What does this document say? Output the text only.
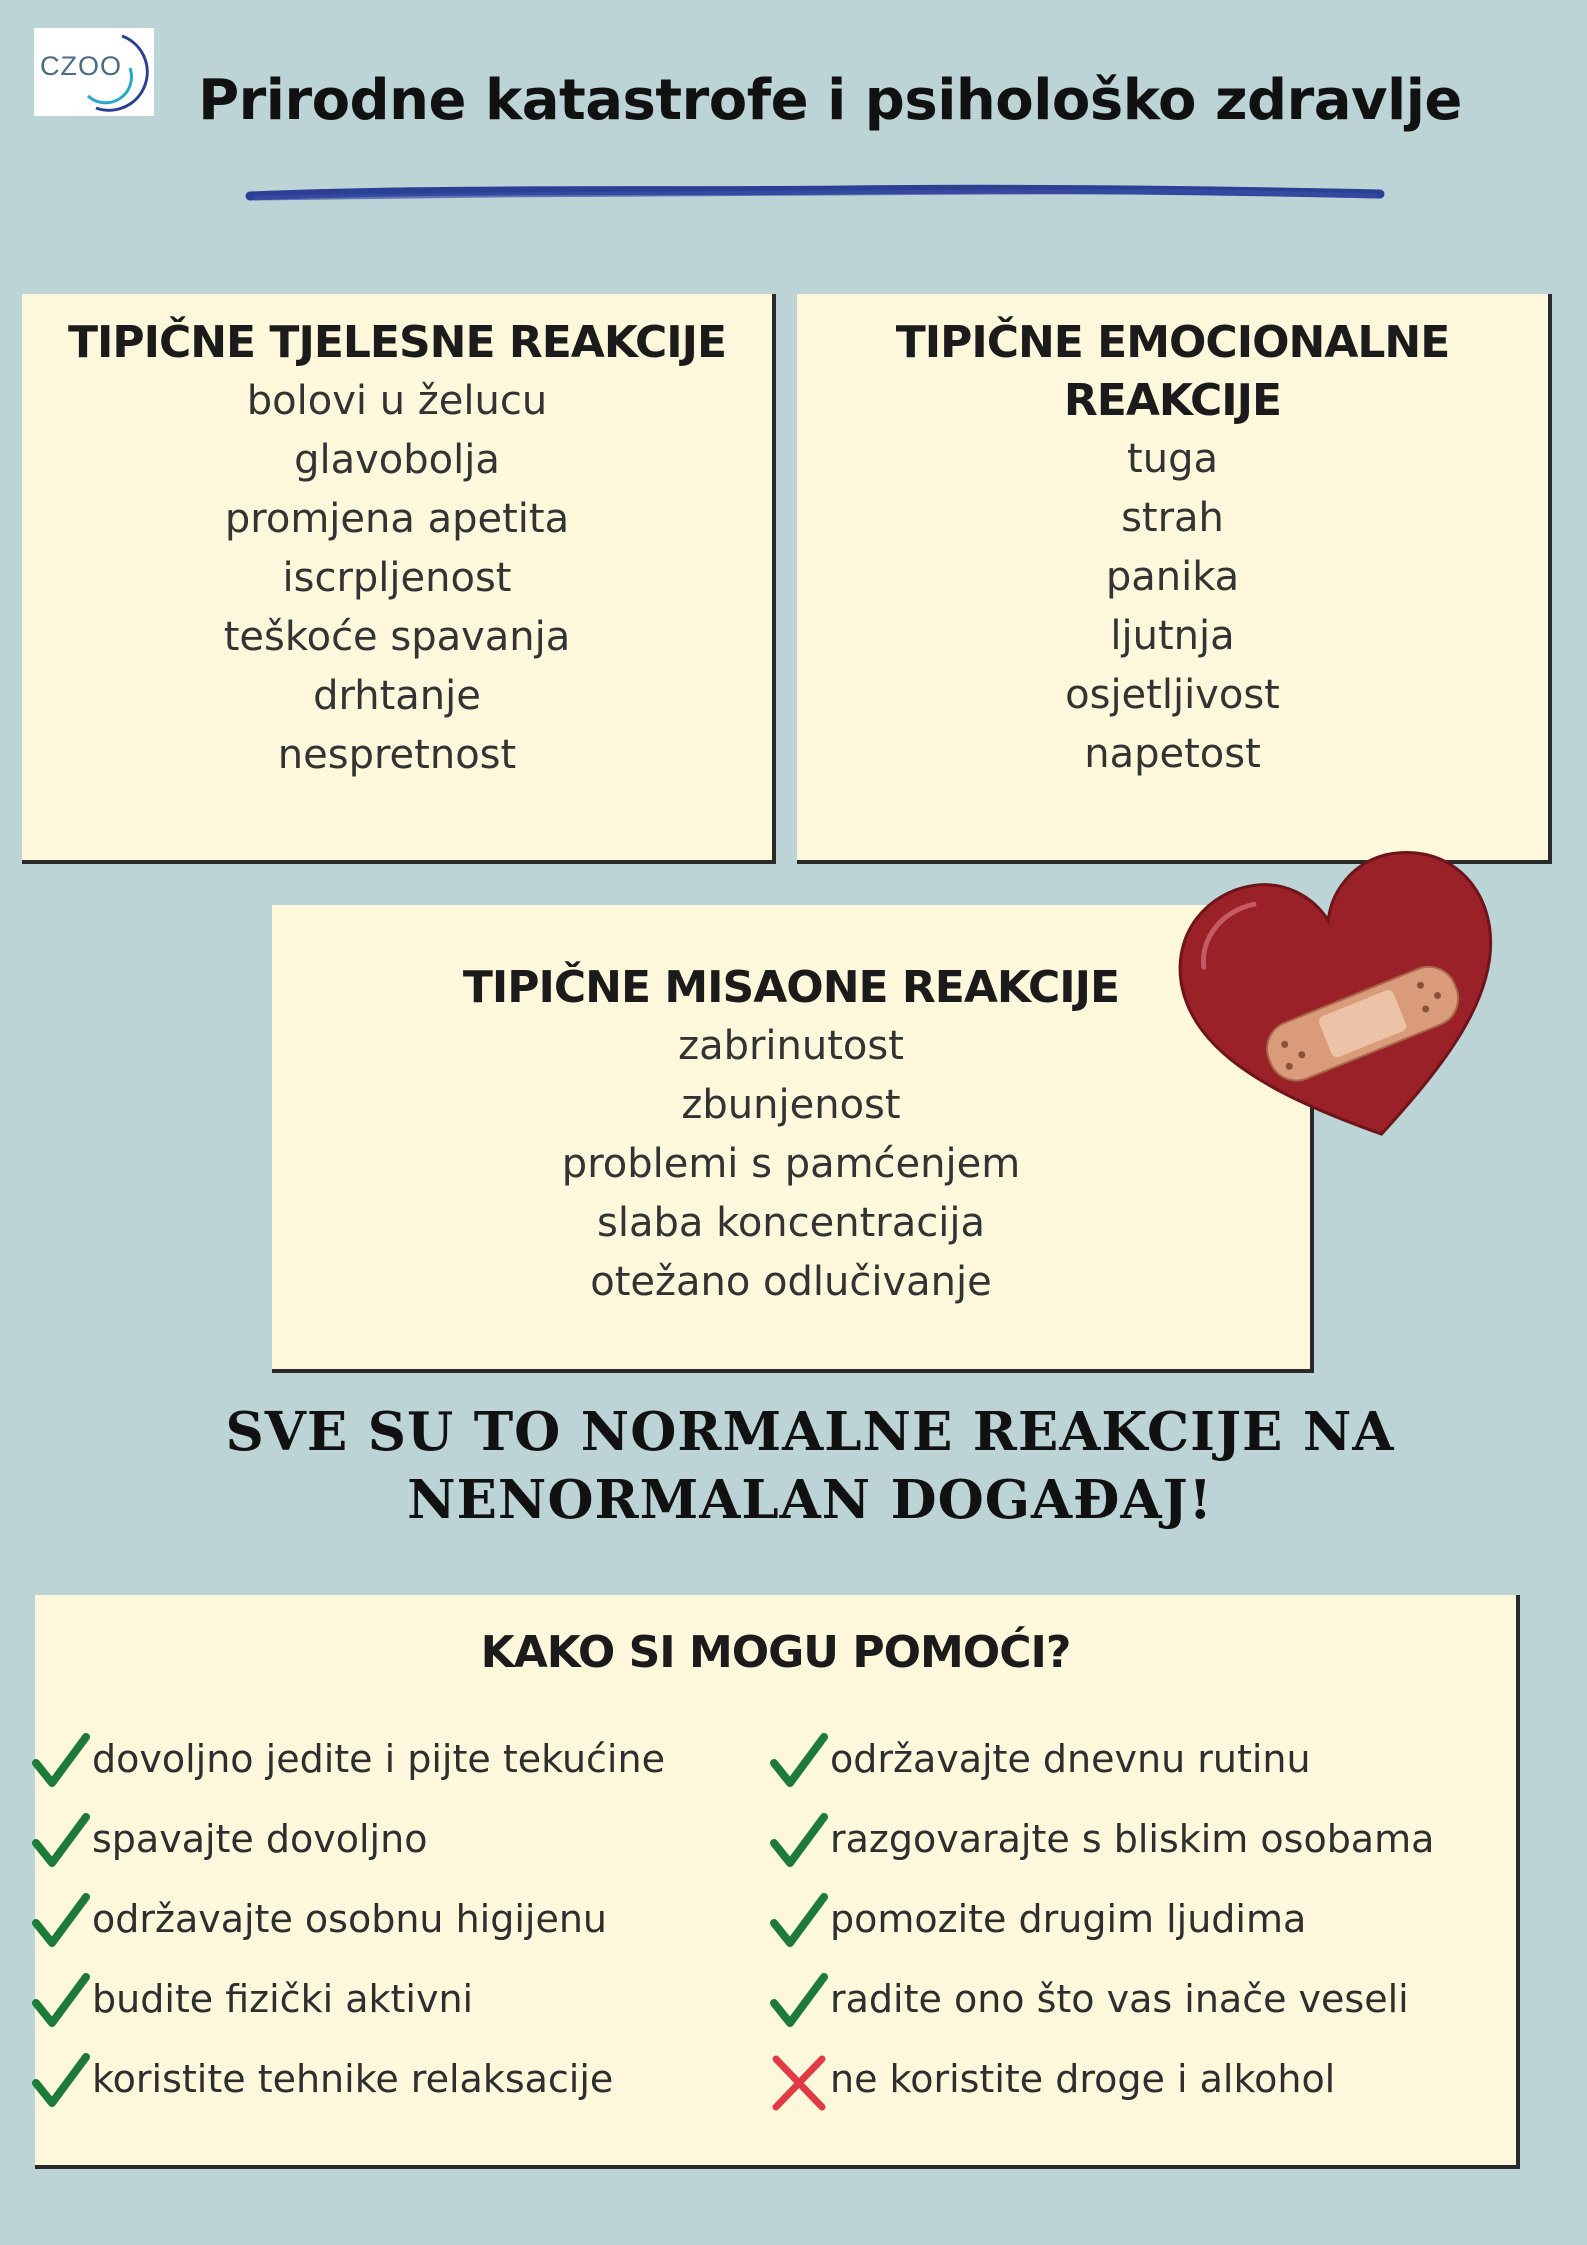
CZOO
Prirodne katastrofe i psihološko zdravlje
TIPIČNE TJELESNE REAKCIJE
bolovi u želucu
glavobolja
promjena apetita
iscrpljenost
teškoće spavanja
drhtanje
nespretnost
TIPIČNE EMOCIONALNE
REAKCIJE
tuga
strah
panika
ljutnja
osjetljivost
napetost
TIPIČNE MISAONE REAKCIJE
zabrinutost
zbunjenost
problemi s pamćenjem
slaba koncentracija
otežano odlučivanje
SVE SU TO NORMALNE REAKCIJE NA
NENORMALAN DOGAĐAJ!
KAKO SI MOGU POMOĆI?
dovoljno jedite i pijte tekućine
spavajte dovoljno
održavajte osobnu higijenu
budite fizički aktivni
koristite tehnike relaksacije
održavajte dnevnu rutinu
razgovarajte s bliskim osobama
pomozite drugim ljudima
radite ono što vas inače veseli
ne koristite droge i alkohol
